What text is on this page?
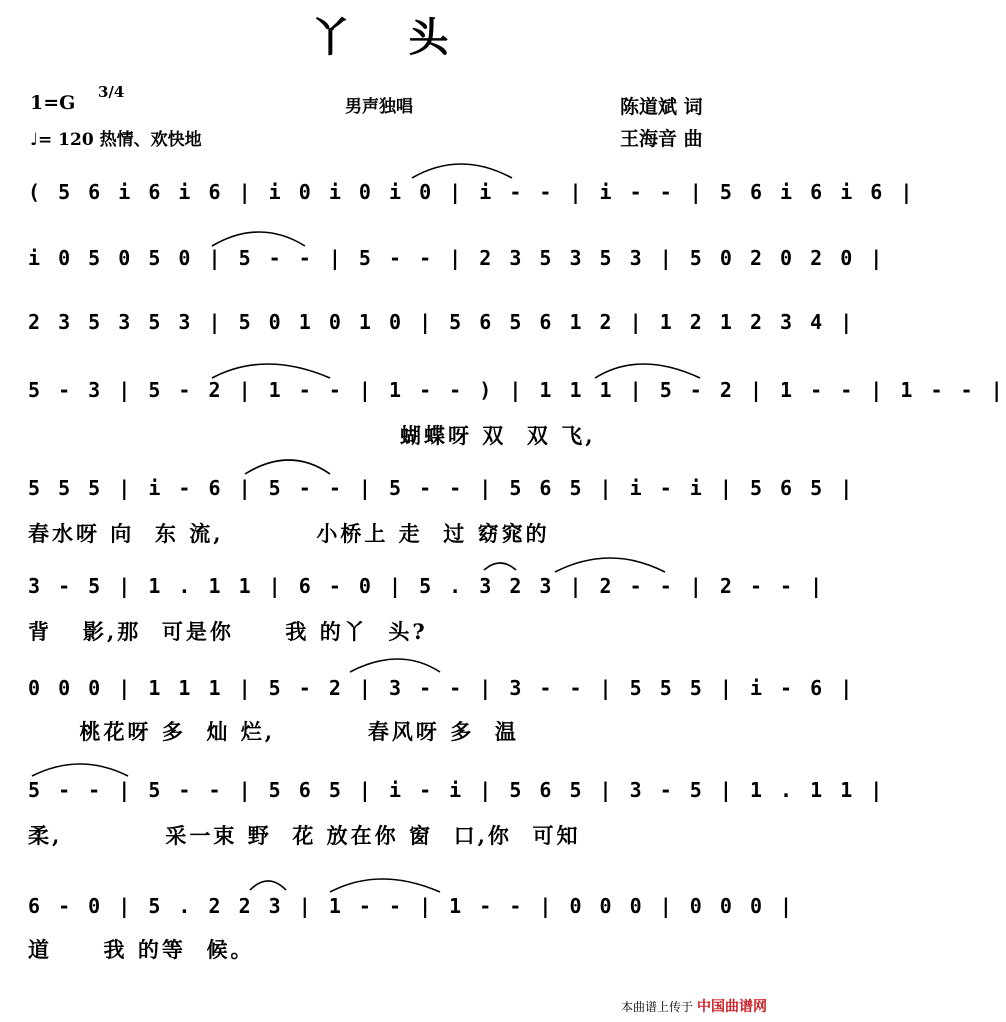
丫 头
1=G 3/4
♩= 120 热情、欢快地
男声独唱	陈道斌 词
王海音 曲
( 5 6 i 6 i 6 | i 0 i 0 i 0 | i - - | i - - | 5 6 i 6 i 6 |
i 0 5 0 5 0 | 5 - - | 5 - - | 2 3 5 3 5 3 | 5 0 2 0 2 0 |
2 3 5 3 5 3 | 5 0 1 0 1 0 | 5 6 5 6 1 2 | 1 2 1 2 3 4 |
5 - 3 | 5 - 2 | 1 - - | 1 - - ) | 1 1 1 | 5 - 2 | 1 - - | 1 - - |
蝴蝶呀 双  双 飞,
5 5 5 | i - 6 | 5 - - | 5 - - | 5 6 5 | i - i | 5 6 5 |
春水呀 向  东 流,         小桥上 走  过 窈窕的
3 - 5 | 1 . 1 1 | 6 - 0 | 5 . 3 2 3 | 2 - - | 2 - - |
背   影,那  可是你     我 的丫  头?
0 0 0 | 1 1 1 | 5 - 2 | 3 - - | 3 - - | 5 5 5 | i - 6 |
桃花呀 多  灿 烂,         春风呀 多  温
5 - - | 5 - - | 5 6 5 | i - i | 5 6 5 | 3 - 5 | 1 . 1 1 |
柔,          采一束 野  花 放在你 窗  口,你  可知
6 - 0 | 5 . 2 2 3 | 1 - - | 1 - - | 0 0 0 | 0 0 0 |
道     我 的等  候。
本曲谱上传于 中国曲谱网
